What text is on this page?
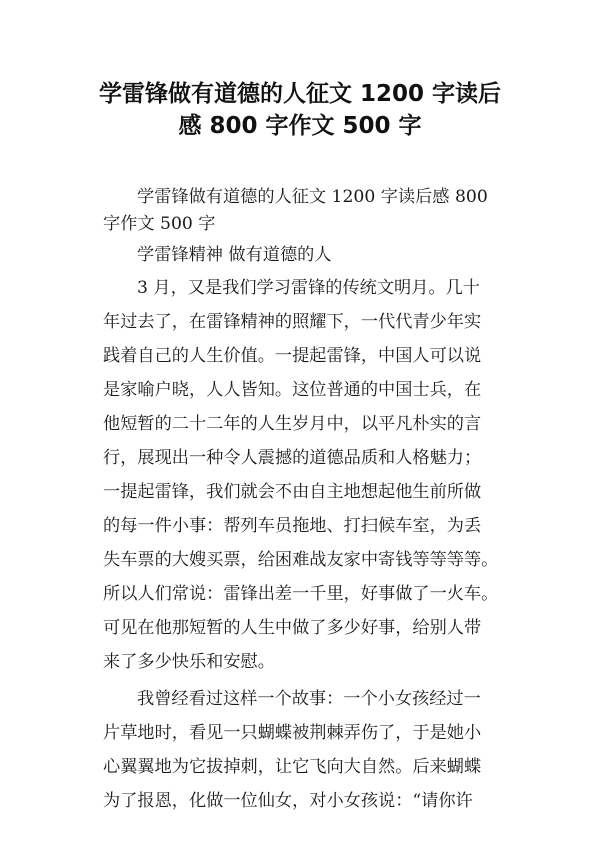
学雷锋做有道德的人征文 1200 字读后
感 800 字作文 500 字
学雷锋做有道德的人征文 1200 字读后感 800
字作文 500 字
学雷锋精神 做有道德的人
3 月，又是我们学习雷锋的传统文明月。几十
年过去了，在雷锋精神的照耀下，一代代青少年实
践着自己的人生价值。一提起雷锋，中国人可以说
是家喻户晓，人人皆知。这位普通的中国士兵，在
他短暂的二十二年的人生岁月中，以平凡朴实的言
行，展现出一种令人震撼的道德品质和人格魅力；
一提起雷锋，我们就会不由自主地想起他生前所做
的每一件小事：帮列车员拖地、打扫候车室，为丢
失车票的大嫂买票，给困难战友家中寄钱等等等等。
所以人们常说：雷锋出差一千里，好事做了一火车。
可见在他那短暂的人生中做了多少好事，给别人带
来了多少快乐和安慰。
我曾经看过这样一个故事：一个小女孩经过一
片草地时，看见一只蝴蝶被荆棘弄伤了，于是她小
心翼翼地为它拔掉刺，让它飞向大自然。后来蝴蝶
为了报恩，化做一位仙女，对小女孩说：“请你许
